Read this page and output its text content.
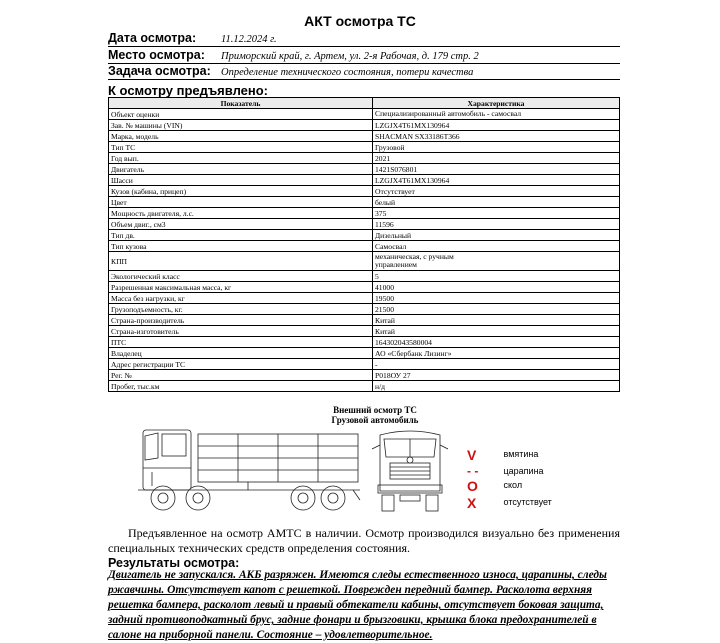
АКТ осмотра ТС
Дата осмотра: 11.12.2024 г.
Место осмотра: Приморский край, г. Артем, ул. 2-я Рабочая, д. 179 стр. 2
Задача осмотра: Определение технического состояния, потери качества
К осмотру предъявлено:
Показатель	Характеристика
Объект оценки	Специализированный автомобиль - самосвал
Зав. № машины (VIN)	LZGJX4T61MX130964
Марка, модель	SHACMAN SX33186T366
Тип ТС	Грузовой
Год вып.	2021
Двигатель	1421S076801
Шасси	LZGJX4T61MX130964
Кузов (кабина, прицеп)	Отсутствует
Цвет	белый
Мощность двигателя, л.с.	375
Объем двиг., см3	11596
Тип дв.	Дизельный
Тип кузова	Самосвал
КПП	механическая, с ручным управлением
Экологический класс	5
Разрешенная максимальная масса, кг	41000
Масса без нагрузки, кг	19500
Грузоподъемность, кг.	21500
Страна-производитель	Китай
Страна-изготовитель	Китай
ПТС	164302043580004
Владелец	АО «Сбербанк Лизинг»
Адрес регистрации ТС	-
Рег. №	Р018ОУ 27
Пробег, тыс.км	н/д
Внешний осмотр ТС
Грузовой автомобиль
V	вмятина
- -	царапина
O	скол
X	отсутствует
Предъявленное на осмотр АМТС в наличии. Осмотр производился визуально без применения специальных технических средств определения состояния.
Результаты осмотра:
Двигатель не запускался. АКБ разряжен. Имеются следы естественного износа, царапины, следы ржавчины. Отсутствует капот с решеткой. Поврежден передний бампер. Расколота верхняя решетка бампера, расколот левый и правый обтекатели кабины, отсутствует боковая защита, задний противоподкатный брус, задние фонари и брызговики, крышка блока предохранителей в салоне на приборной панели. Состояние – удовлетворительное.
